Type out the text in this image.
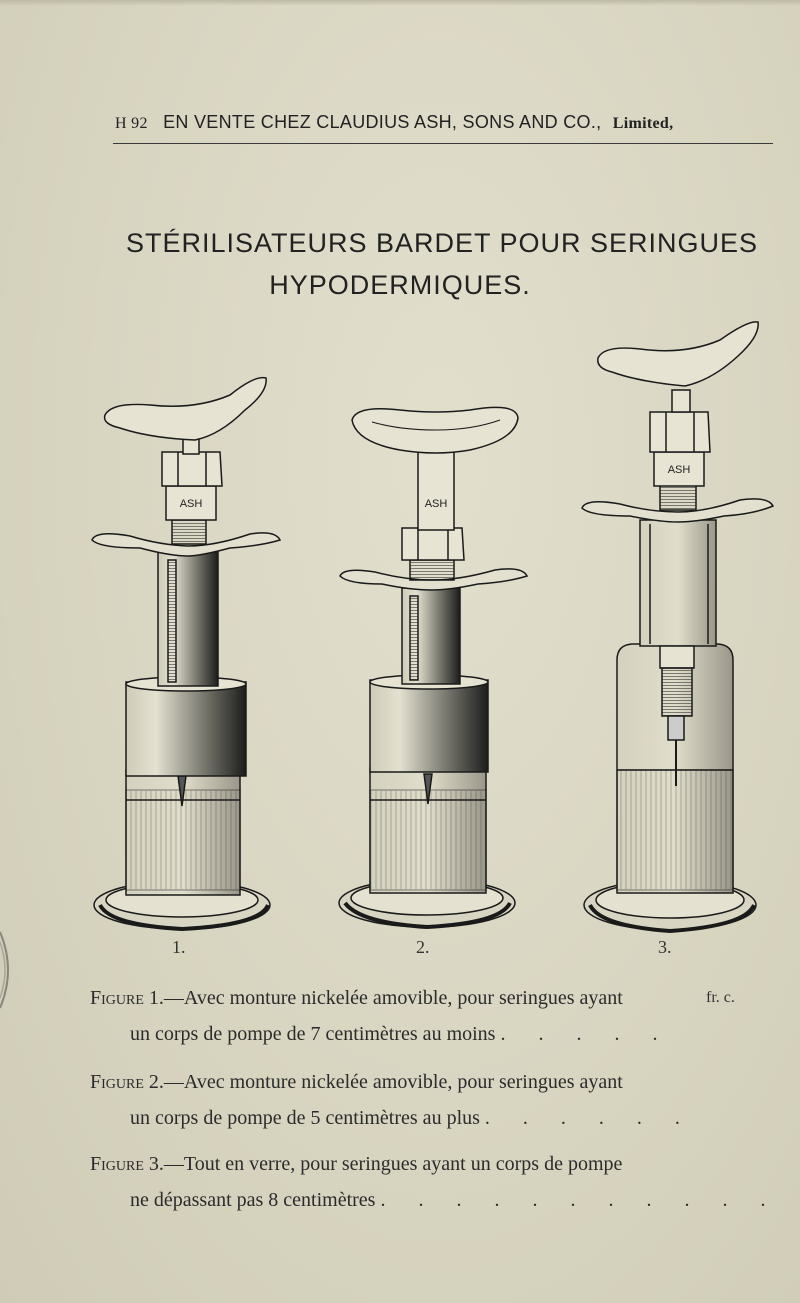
H 92 EN VENTE CHEZ CLAUDIUS ASH, SONS AND CO., Limited,
STÉRILISATEURS BARDET POUR SERINGUES
HYPODERMIQUES.
ASH	ASH
ASH
1.	2.	3.
fr. c.
Figure 1.—Avec monture nickelée amovible, pour seringues ayant
un corps de pompe de 7 centimètres au moins . . . . .
Figure 2.—Avec monture nickelée amovible, pour seringues ayant
un corps de pompe de 5 centimètres au plus . . . . . .
Figure 3.—Tout en verre, pour seringues ayant un corps de pompe
ne dépassant pas 8 centimètres . . . . . . . . . . .
